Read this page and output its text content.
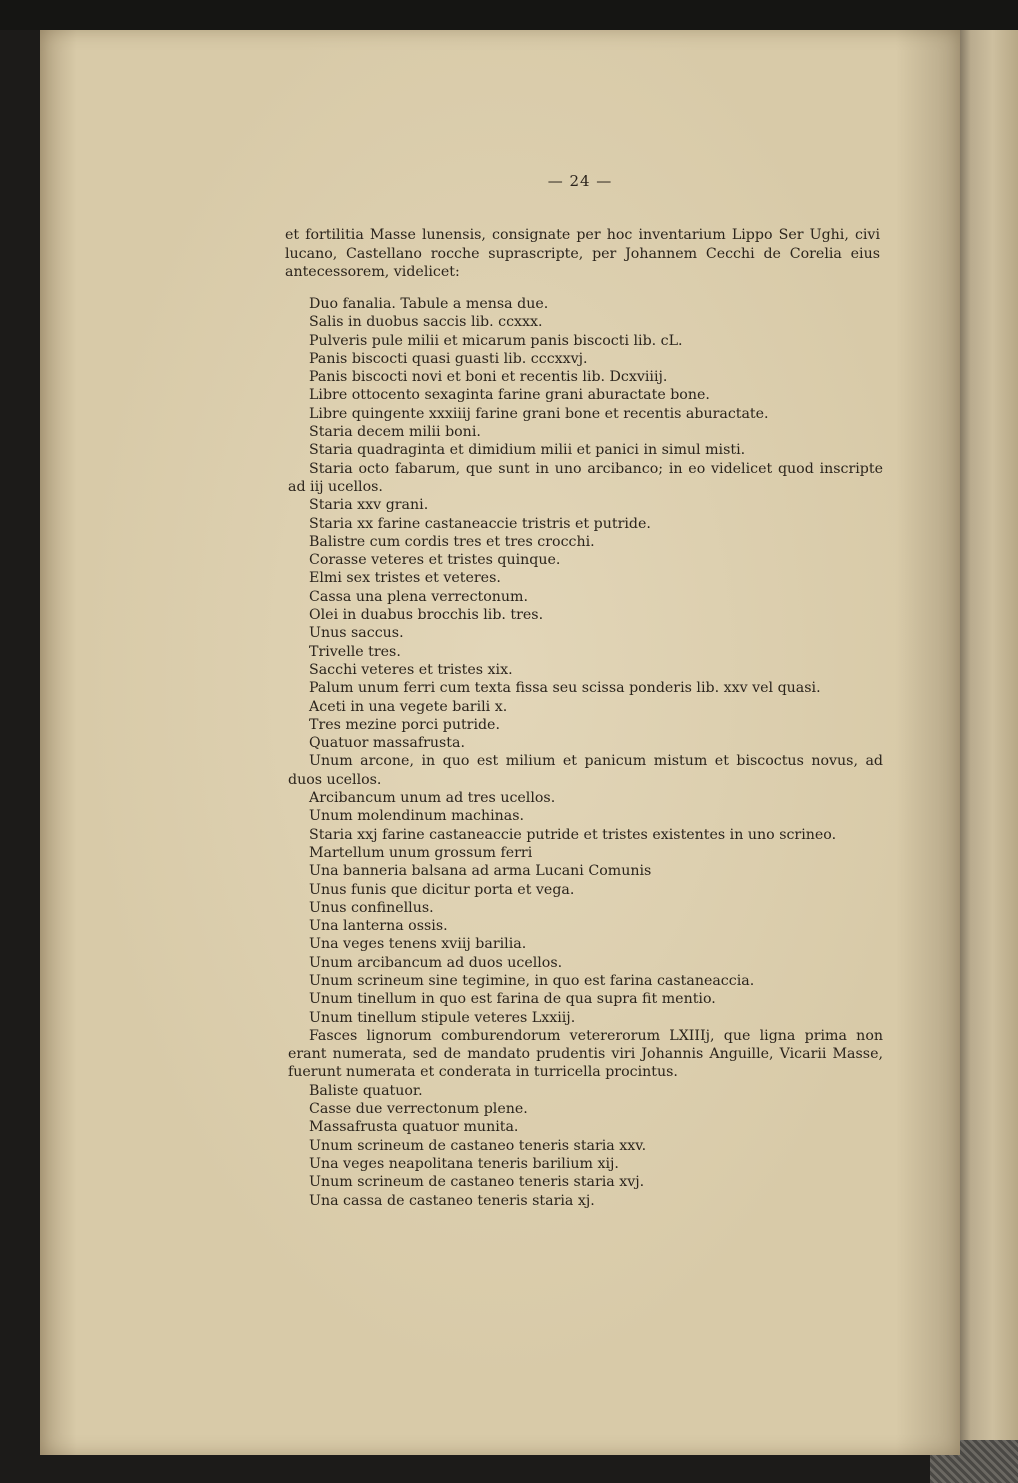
— 24 —
et fortilitia Masse lunensis, consignate per hoc inventarium Lippo Ser Ughi, civi lucano, Castellano rocche suprascripte, per Johannem Cecchi de Corelia eius antecessorem, videlicet:
Duo fanalia. Tabule a mensa due.
Salis in duobus saccis lib. ccxxx.
Pulveris pule milii et micarum panis biscocti lib. cL.
Panis biscocti quasi guasti lib. cccxxvj.
Panis biscocti novi et boni et recentis lib. Dcxviiij.
Libre ottocento sexaginta farine grani aburactate bone.
Libre quingente xxxiiij farine grani bone et recentis aburactate.
Staria decem milii boni.
Staria quadraginta et dimidium milii et panici in simul misti.
Staria octo fabarum, que sunt in uno arcibanco; in eo videlicet quod inscripte ad iij ucellos.
Staria xxv grani.
Staria xx farine castaneaccie tristris et putride.
Balistre cum cordis tres et tres crocchi.
Corasse veteres et tristes quinque.
Elmi sex tristes et veteres.
Cassa una plena verrectonum.
Olei in duabus brocchis lib. tres.
Unus saccus.
Trivelle tres.
Sacchi veteres et tristes xix.
Palum unum ferri cum texta fissa seu scissa ponderis lib. xxv vel quasi.
Aceti in una vegete barili x.
Tres mezine porci putride.
Quatuor massafrusta.
Unum arcone, in quo est milium et panicum mistum et biscoctus novus, ad duos ucellos.
Arcibancum unum ad tres ucellos.
Unum molendinum machinas.
Staria xxj farine castaneaccie putride et tristes existentes in uno scrineo.
Martellum unum grossum ferri
Una banneria balsana ad arma Lucani Comunis
Unus funis que dicitur porta et vega.
Unus confinellus.
Una lanterna ossis.
Una veges tenens xviij barilia.
Unum arcibancum ad duos ucellos.
Unum scrineum sine tegimine, in quo est farina castaneaccia.
Unum tinellum in quo est farina de qua supra fit mentio.
Unum tinellum stipule veteres Lxxiij.
Fasces lignorum comburendorum vetererorum LXIIIj, que ligna prima non erant numerata, sed de mandato prudentis viri Johannis Anguille, Vicarii Masse, fuerunt numerata et conderata in turricella procintus.
Baliste quatuor.
Casse due verrectonum plene.
Massafrusta quatuor munita.
Unum scrineum de castaneo teneris staria xxv.
Una veges neapolitana teneris barilium xij.
Unum scrineum de castaneo teneris staria xvj.
Una cassa de castaneo teneris staria xj.
